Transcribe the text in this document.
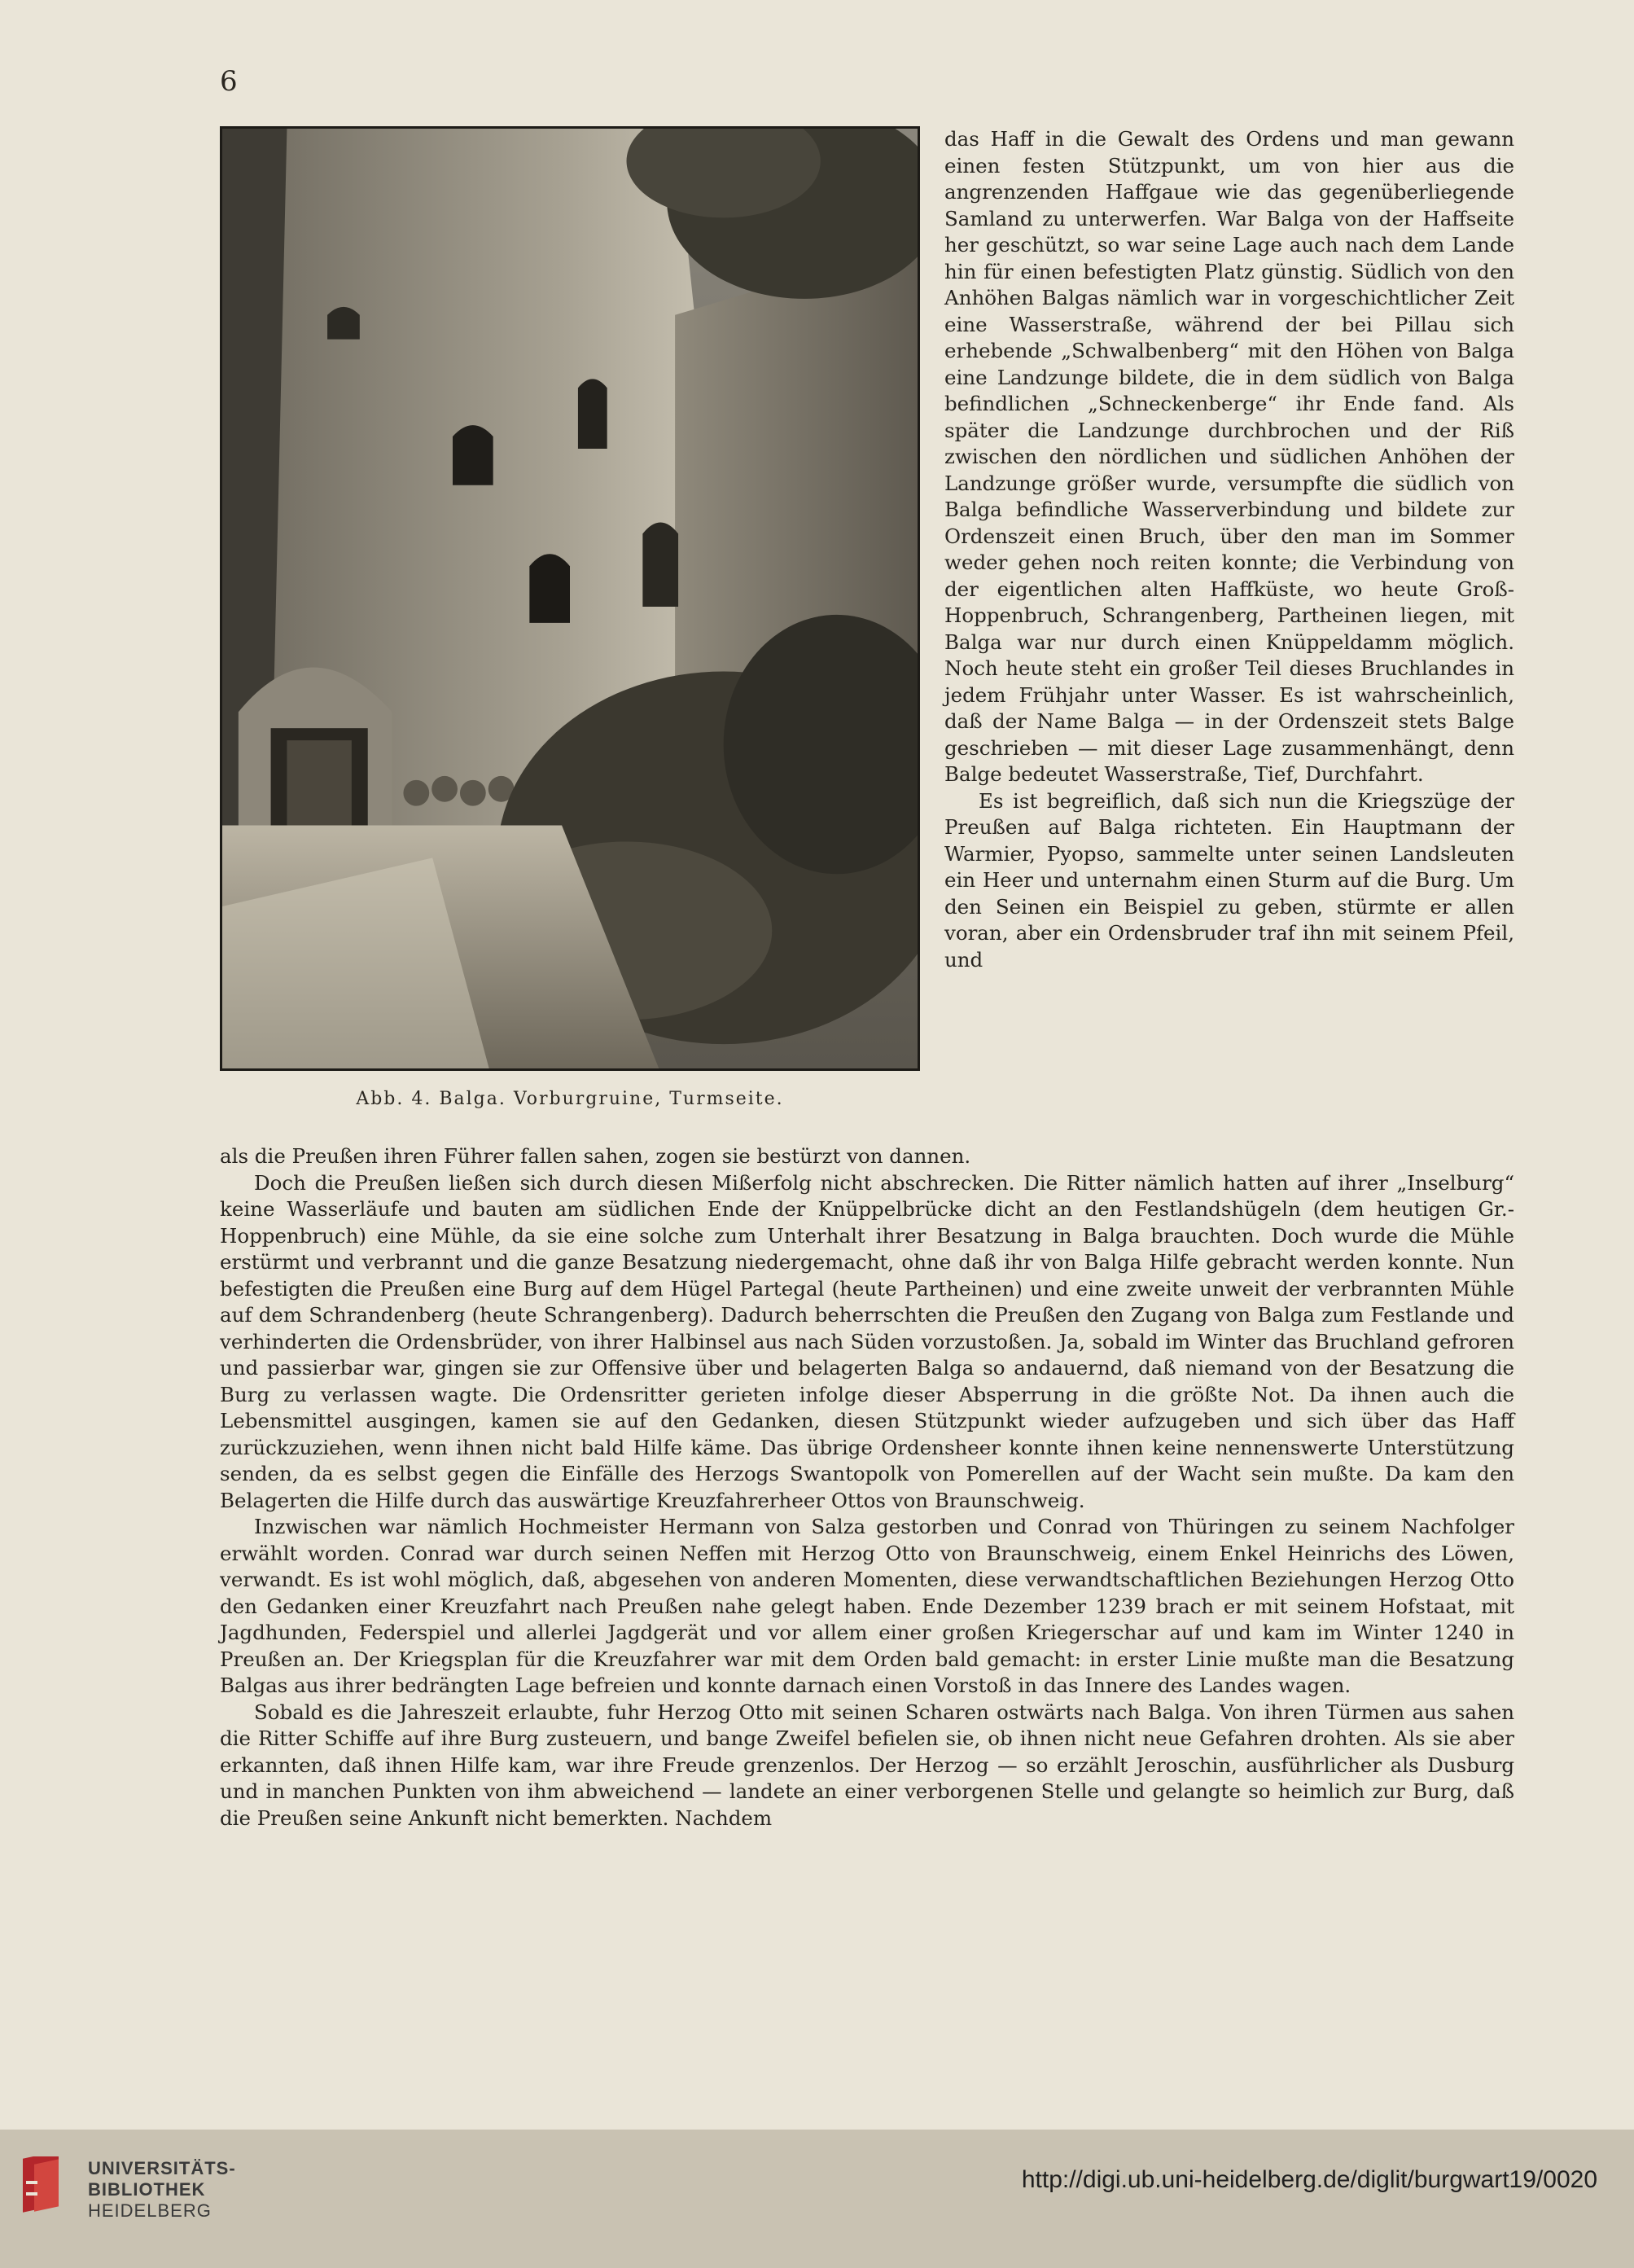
6
Abb. 4. Balga. Vorburgruine, Turmseite.

das Haff in die Gewalt des Ordens und man gewann einen festen Stützpunkt, um von hier aus die angrenzenden Haffgaue wie das gegenüberliegende Samland zu unterwerfen. War Balga von der Haffseite her geschützt, so war seine Lage auch nach dem Lande hin für einen befestigten Platz günstig. Südlich von den Anhöhen Balgas nämlich war in vorgeschichtlicher Zeit eine Wasserstraße, während der bei Pillau sich erhebende „Schwalbenberg“ mit den Höhen von Balga eine Landzunge bildete, die in dem südlich von Balga befindlichen „Schneckenberge“ ihr Ende fand. Als später die Landzunge durchbrochen und der Riß zwischen den nördlichen und südlichen Anhöhen der Landzunge größer wurde, versumpfte die südlich von Balga befindliche Wasserverbindung und bildete zur Ordenszeit einen Bruch, über den man im Sommer weder gehen noch reiten konnte; die Verbindung von der eigentlichen alten Haffküste, wo heute Groß-Hoppenbruch, Schrangenberg, Partheinen liegen, mit Balga war nur durch einen Knüppeldamm möglich. Noch heute steht ein großer Teil dieses Bruchlandes in jedem Frühjahr unter Wasser. Es ist wahrscheinlich, daß der Name Balga — in der Ordenszeit stets Balge geschrieben — mit dieser Lage zusammenhängt, denn Balge bedeutet Wasserstraße, Tief, Durchfahrt.

Es ist begreiflich, daß sich nun die Kriegszüge der Preußen auf Balga richteten. Ein Hauptmann der Warmier, Pyopso, sammelte unter seinen Landsleuten ein Heer und unternahm einen Sturm auf die Burg. Um den Seinen ein Beispiel zu geben, stürmte er allen voran, aber ein Ordensbruder traf ihn mit seinem Pfeil, und

als die Preußen ihren Führer fallen sahen, zogen sie bestürzt von dannen.

Doch die Preußen ließen sich durch diesen Mißerfolg nicht abschrecken. Die Ritter nämlich hatten auf ihrer „Inselburg“ keine Wasserläufe und bauten am südlichen Ende der Knüppelbrücke dicht an den Festlandshügeln (dem heutigen Gr.-Hoppenbruch) eine Mühle, da sie eine solche zum Unterhalt ihrer Besatzung in Balga brauchten. Doch wurde die Mühle erstürmt und verbrannt und die ganze Besatzung niedergemacht, ohne daß ihr von Balga Hilfe gebracht werden konnte. Nun befestigten die Preußen eine Burg auf dem Hügel Partegal (heute Partheinen) und eine zweite unweit der verbrannten Mühle auf dem Schrandenberg (heute Schrangenberg). Dadurch beherrschten die Preußen den Zugang von Balga zum Festlande und verhinderten die Ordensbrüder, von ihrer Halbinsel aus nach Süden vorzustoßen. Ja, sobald im Winter das Bruchland gefroren und passierbar war, gingen sie zur Offensive über und belagerten Balga so andauernd, daß niemand von der Besatzung die Burg zu verlassen wagte. Die Ordensritter gerieten infolge dieser Absperrung in die größte Not. Da ihnen auch die Lebensmittel ausgingen, kamen sie auf den Gedanken, diesen Stützpunkt wieder aufzugeben und sich über das Haff zurückzuziehen, wenn ihnen nicht bald Hilfe käme. Das übrige Ordensheer konnte ihnen keine nennenswerte Unterstützung senden, da es selbst gegen die Einfälle des Herzogs Swantopolk von Pomerellen auf der Wacht sein mußte. Da kam den Belagerten die Hilfe durch das auswärtige Kreuzfahrerheer Ottos von Braunschweig.

Inzwischen war nämlich Hochmeister Hermann von Salza gestorben und Conrad von Thüringen zu seinem Nachfolger erwählt worden. Conrad war durch seinen Neffen mit Herzog Otto von Braunschweig, einem Enkel Heinrichs des Löwen, verwandt. Es ist wohl möglich, daß, abgesehen von anderen Momenten, diese verwandtschaftlichen Beziehungen Herzog Otto den Gedanken einer Kreuzfahrt nach Preußen nahe gelegt haben. Ende Dezember 1239 brach er mit seinem Hofstaat, mit Jagdhunden, Federspiel und allerlei Jagdgerät und vor allem einer großen Kriegerschar auf und kam im Winter 1240 in Preußen an. Der Kriegsplan für die Kreuzfahrer war mit dem Orden bald gemacht: in erster Linie mußte man die Besatzung Balgas aus ihrer bedrängten Lage befreien und konnte darnach einen Vorstoß in das Innere des Landes wagen.

Sobald es die Jahreszeit erlaubte, fuhr Herzog Otto mit seinen Scharen ostwärts nach Balga. Von ihren Türmen aus sahen die Ritter Schiffe auf ihre Burg zusteuern, und bange Zweifel befielen sie, ob ihnen nicht neue Gefahren drohten. Als sie aber erkannten, daß ihnen Hilfe kam, war ihre Freude grenzenlos. Der Herzog — so erzählt Jeroschin, ausführlicher als Dusburg und in manchen Punkten von ihm abweichend — landete an einer verborgenen Stelle und gelangte so heimlich zur Burg, daß die Preußen seine Ankunft nicht bemerkten. Nachdem

UNIVERSITÄTS-
BIBLIOTHEK
HEIDELBERG
http://digi.ub.uni-heidelberg.de/diglit/burgwart19/0020
